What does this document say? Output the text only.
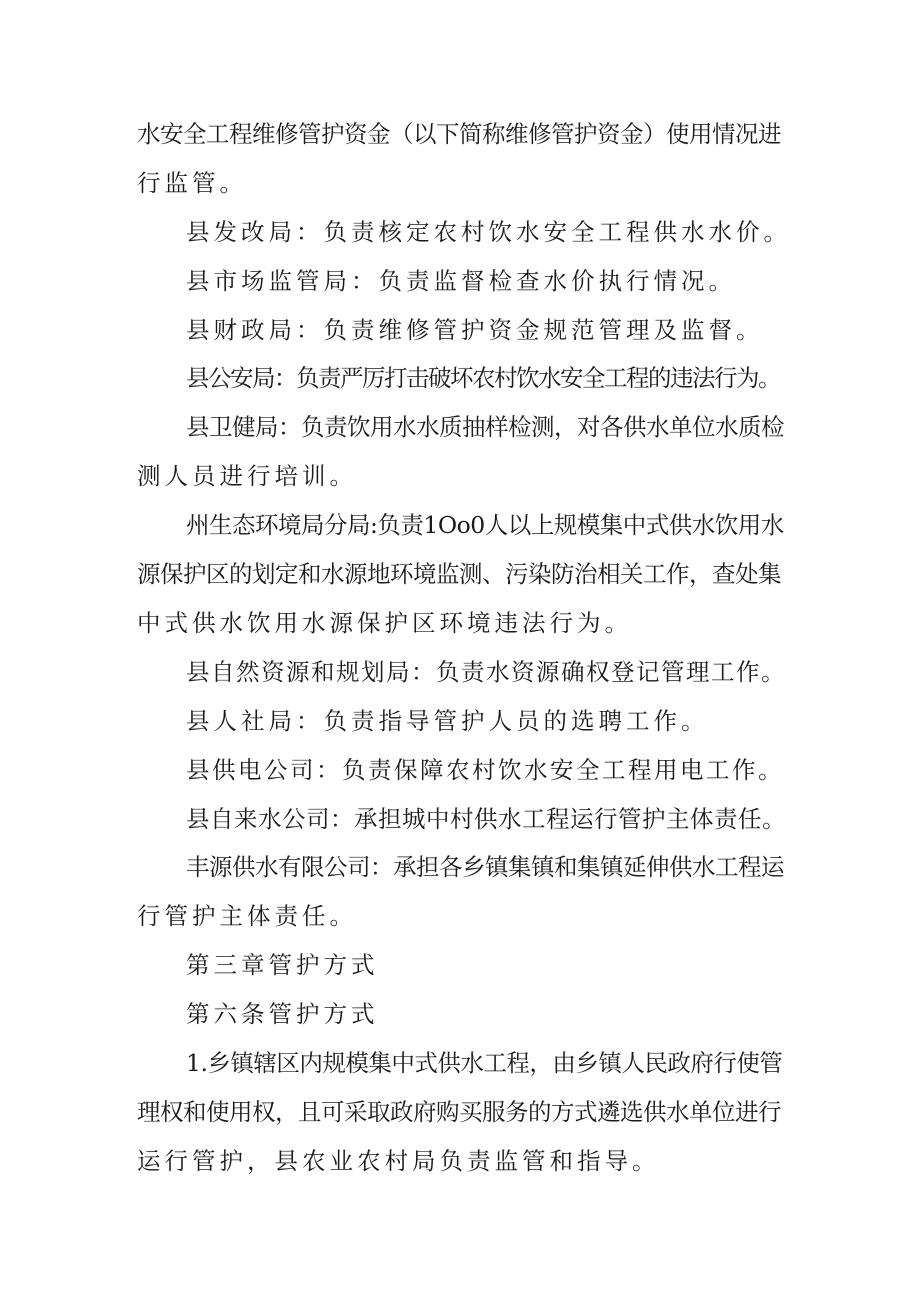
水安全工程维修管护资金（以下简称维修管护资金）使用情况进
行监管。
县发改局：负责核定农村饮水安全工程供水水价。
县市场监管局：负责监督检查水价执行情况。
县财政局：负责维修管护资金规范管理及监督。
县公安局：负责严厉打击破坏农村饮水安全工程的违法行为。
县卫健局：负责饮用水水质抽样检测，对各供水单位水质检
测人员进行培训。
州生态环境局分局:负责1Oo0人以上规模集中式供水饮用水
源保护区的划定和水源地环境监测、污染防治相关工作，查处集
中式供水饮用水源保护区环境违法行为。
县自然资源和规划局：负责水资源确权登记管理工作。
县人社局：负责指导管护人员的选聘工作。
县供电公司：负责保障农村饮水安全工程用电工作。
县自来水公司：承担城中村供水工程运行管护主体责任。
丰源供水有限公司：承担各乡镇集镇和集镇延伸供水工程运
行管护主体责任。
第三章管护方式
第六条管护方式
1.乡镇辖区内规模集中式供水工程，由乡镇人民政府行使管
理权和使用权，且可采取政府购买服务的方式遴选供水单位进行
运行管护，县农业农村局负责监管和指导。
